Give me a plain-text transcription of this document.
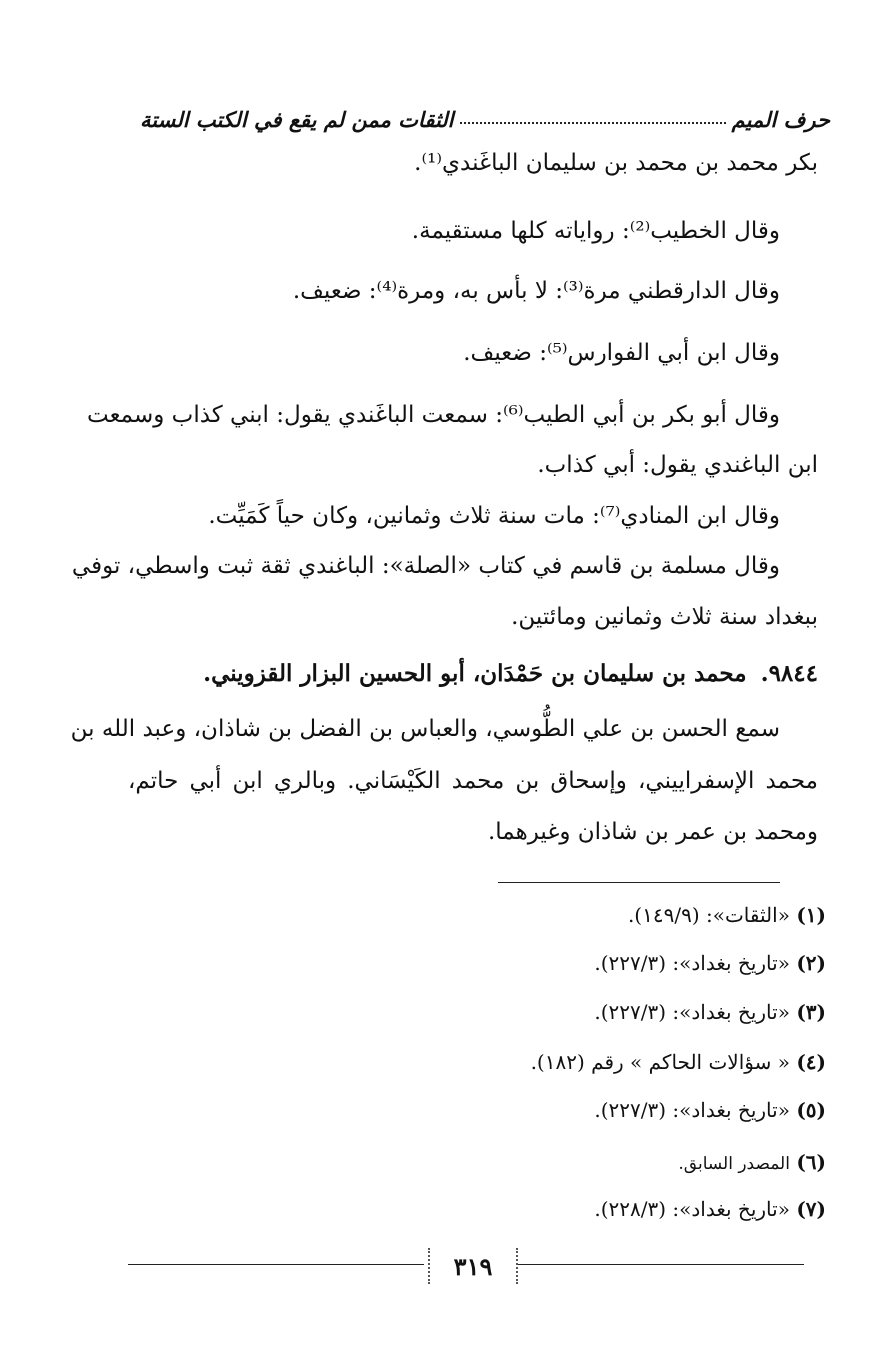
حرف الميم
الثقات ممن لم يقع في الكتب الستة
بكر محمد بن محمد بن سليمان الباغَندي⁽¹⁾.
وقال الخطيب⁽²⁾: رواياته كلها مستقيمة.
وقال الدارقطني مرة⁽³⁾: لا بأس به، ومرة⁽⁴⁾: ضعيف.
وقال ابن أبي الفوارس⁽⁵⁾: ضعيف.
وقال أبو بكر بن أبي الطيب⁽⁶⁾: سمعت الباغَندي يقول: ابني كذاب وسمعت
ابن الباغندي يقول: أبي كذاب.
وقال ابن المنادي⁽⁷⁾: مات سنة ثلاث وثمانين، وكان حياً كَمَيِّت.
وقال مسلمة بن قاسم في كتاب «الصلة»: الباغندي ثقة ثبت واسطي، توفي
ببغداد سنة ثلاث وثمانين ومائتين.
٩٨٤٤.محمد بن سليمان بن حَمْدَان، أبو الحسين البزار القزويني.
سمع الحسن بن علي الطُّوسي، والعباس بن الفضل بن شاذان، وعبد الله بن
محمد الإسفراييني، وإسحاق بن محمد الكَيْسَاني. وبالري ابن أبي حاتم،
ومحمد بن عمر بن شاذان وغيرهما.
(١) «الثقات»: (١٤٩/٩).
(٢) «تاريخ بغداد»: (٢٢٧/٣).
(٣) «تاريخ بغداد»: (٢٢٧/٣).
(٤) « سؤالات الحاكم » رقم (١٨٢).
(٥) «تاريخ بغداد»: (٢٢٧/٣).
(٦) المصدر السابق.
(٧) «تاريخ بغداد»: (٢٢٨/٣).
٣١٩
